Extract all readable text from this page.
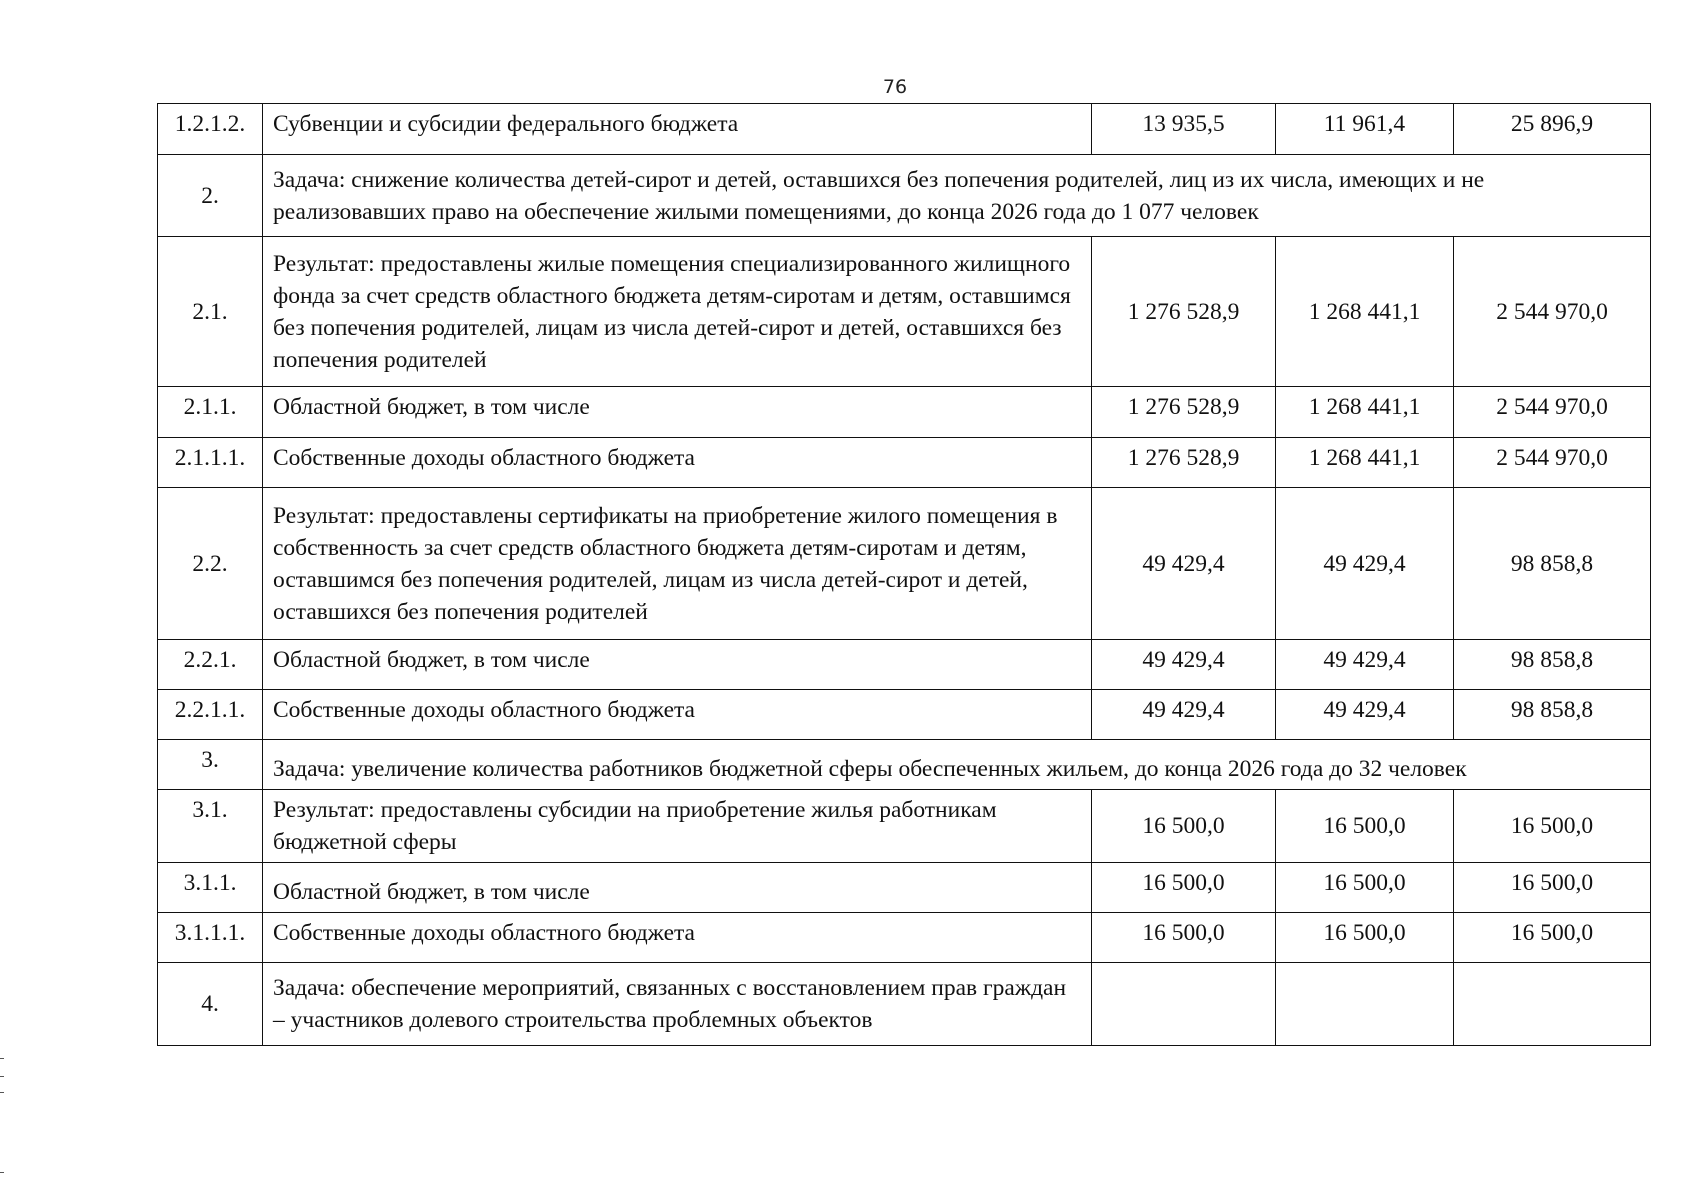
76
1.2.1.2.	Субвенции и субсидии федерального бюджета	13 935,5	11 961,4	25 896,9
2.	Задача: снижение количества детей-сирот и детей, оставшихся без попечения родителей, лиц из их числа, имеющих и не реализовавших право на обеспечение жилыми помещениями, до конца 2026 года до 1 077 человек			
2.1.	Результат: предоставлены жилые помещения специализированного жилищного фонда за счет средств областного бюджета детям-сиротам и детям, оставшимся без попечения родителей, лицам из числа детей-сирот и детей, оставшихся без попечения родителей	1 276 528,9	1 268 441,1	2 544 970,0
2.1.1.	Областной бюджет, в том числе	1 276 528,9	1 268 441,1	2 544 970,0
2.1.1.1.	Собственные доходы областного бюджета	1 276 528,9	1 268 441,1	2 544 970,0
2.2.	Результат: предоставлены сертификаты на приобретение жилого помещения в собственность за счет средств областного бюджета детям-сиротам и детям, оставшимся без попечения родителей, лицам из числа детей-сирот и детей, оставшихся без попечения родителей	49 429,4	49 429,4	98 858,8
2.2.1.	Областной бюджет, в том числе	49 429,4	49 429,4	98 858,8
2.2.1.1.	Собственные доходы областного бюджета	49 429,4	49 429,4	98 858,8
3.	Задача: увеличение количества работников бюджетной сферы обеспеченных жильем, до конца 2026 года до 32 человек			
3.1.	Результат: предоставлены субсидии на приобретение жилья работникам бюджетной сферы	16 500,0	16 500,0	16 500,0
3.1.1.	Областной бюджет, в том числе	16 500,0	16 500,0	16 500,0
3.1.1.1.	Собственные доходы областного бюджета	16 500,0	16 500,0	16 500,0
4.	Задача: обеспечение мероприятий, связанных с восстановлением прав граждан – участников долевого строительства проблемных объектов			
